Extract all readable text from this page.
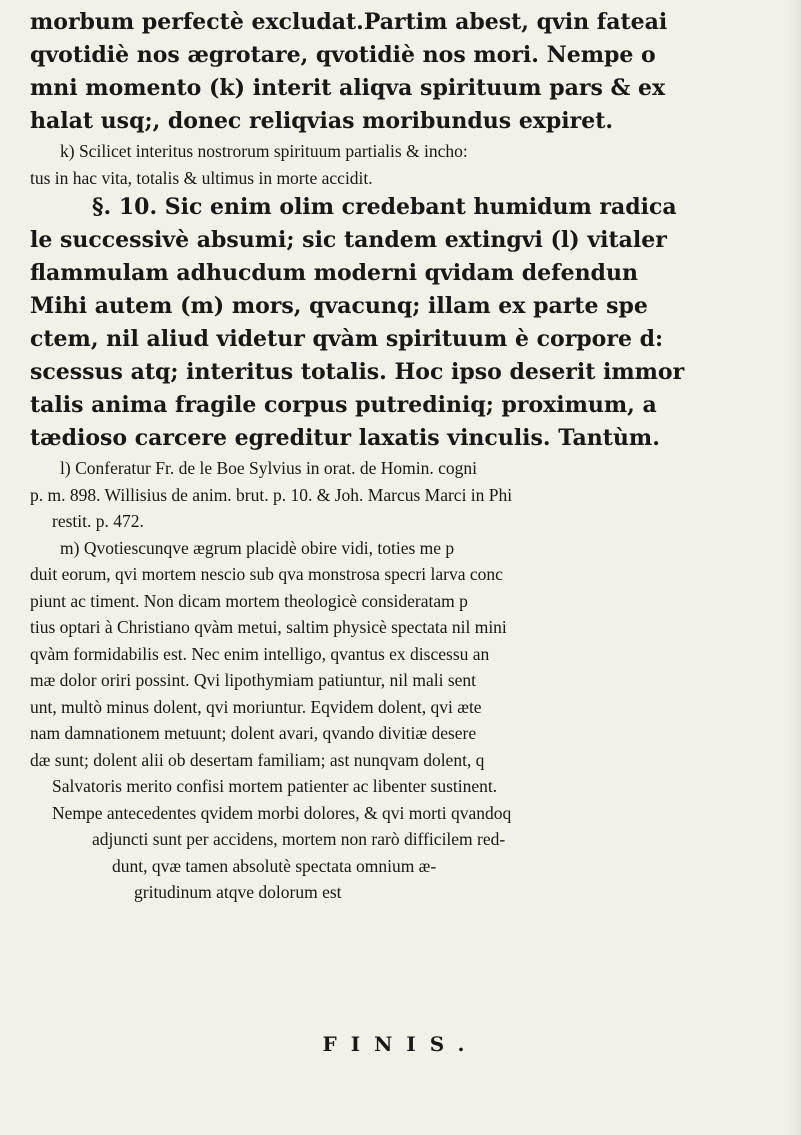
morbum perfectè excludat.Partim abest, qvin fateai
qvotidiè nos ægrotare, qvotidiè nos mori. Nempe o
mni momento (k) interit aliqva spirituum pars & ex
halat usq;, donec reliqvias moribundus expiret.
k) Scilicet interitus nostrorum spirituum partialis & incho:
tus in hac vita, totalis & ultimus in morte accidit.
§. 10. Sic enim olim credebant humidum radica
le successivè absumi; sic tandem extingvi (l) vitaler
flammulam adhucdum moderni qvidam defendun
Mihi autem (m) mors, qvacunq; illam ex parte spe
ctem, nil aliud videtur qvàm spirituum è corpore d:
scessus atq; interitus totalis. Hoc ipso deserit immor
talis anima fragile corpus putrediniq; proximum, a
tædioso carcere egreditur laxatis vinculis. Tantùm.
l) Conferatur Fr. de le Boe Sylvius in orat. de Homin. cogni
p. m. 898. Willisius de anim. brut. p. 10. & Joh. Marcus Marci in Phi
restit. p. 472.
m) Qvotiescunqve ægrum placidè obire vidi, toties me p
duit eorum, qvi mortem nescio sub qva monstrosa specri larva conc
piunt ac timent. Non dicam mortem theologicè consideratam p
tius optari à Christiano qvàm metui, saltim physicè spectata nil mini
qvàm formidabilis est. Nec enim intelligo, qvantus ex discessu an
mæ dolor oriri possint. Qvi lipothymiam patiuntur, nil mali sent
unt, multò minus dolent, qvi moriuntur. Eqvidem dolent, qvi æte
nam damnationem metuunt; dolent avari, qvando divitiæ desere
dæ sunt; dolent alii ob desertam familiam; ast nunqvam dolent, q
Salvatoris merito confisi mortem patienter ac libenter sustinent.
Nempe antecedentes qvidem morbi dolores, & qvi morti qvandoq
adjuncti sunt per accidens, mortem non rarò difficilem red-
dunt, qvæ tamen absolutè spectata omnium æ-
gritudinum atqve dolorum est
FINIS.
